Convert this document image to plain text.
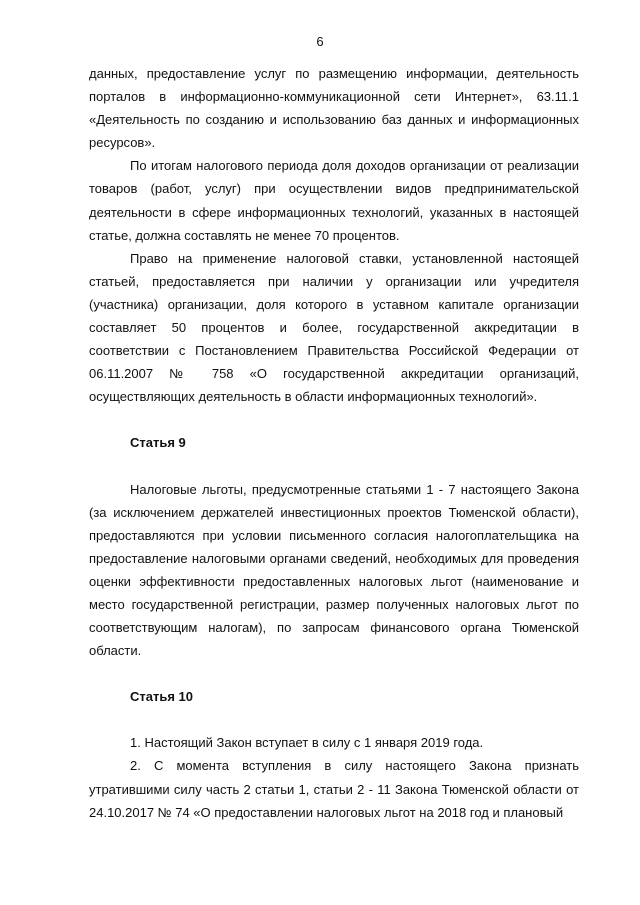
6

данных, предоставление услуг по размещению информации, деятельность порталов в информационно-коммуникационной сети Интернет», 63.11.1 «Деятельность по созданию и использованию баз данных и информационных ресурсов».

По итогам налогового периода доля доходов организации от реализации товаров (работ, услуг) при осуществлении видов предпринимательской деятельности в сфере информационных технологий, указанных в настоящей статье, должна составлять не менее 70 процентов.

Право на применение налоговой ставки, установленной настоящей статьей, предоставляется при наличии у организации или учредителя (участника) организации, доля которого в уставном капитале организации составляет 50 процентов и более, государственной аккредитации в соответствии с Постановлением Правительства Российской Федерации от 06.11.2007 № 758 «О государственной аккредитации организаций, осуществляющих деятельность в области информационных технологий».

Статья 9

Налоговые льготы, предусмотренные статьями 1 - 7 настоящего Закона (за исключением держателей инвестиционных проектов Тюменской области), предоставляются при условии письменного согласия налогоплательщика на предоставление налоговыми органами сведений, необходимых для проведения оценки эффективности предоставленных налоговых льгот (наименование и место государственной регистрации, размер полученных налоговых льгот по соответствующим налогам), по запросам финансового органа Тюменской области.

Статья 10

1. Настоящий Закон вступает в силу с 1 января 2019 года.

2. С момента вступления в силу настоящего Закона признать утратившими силу часть 2 статьи 1, статьи 2 - 11 Закона Тюменской области от 24.10.2017 № 74 «О предоставлении налоговых льгот на 2018 год и плановый
